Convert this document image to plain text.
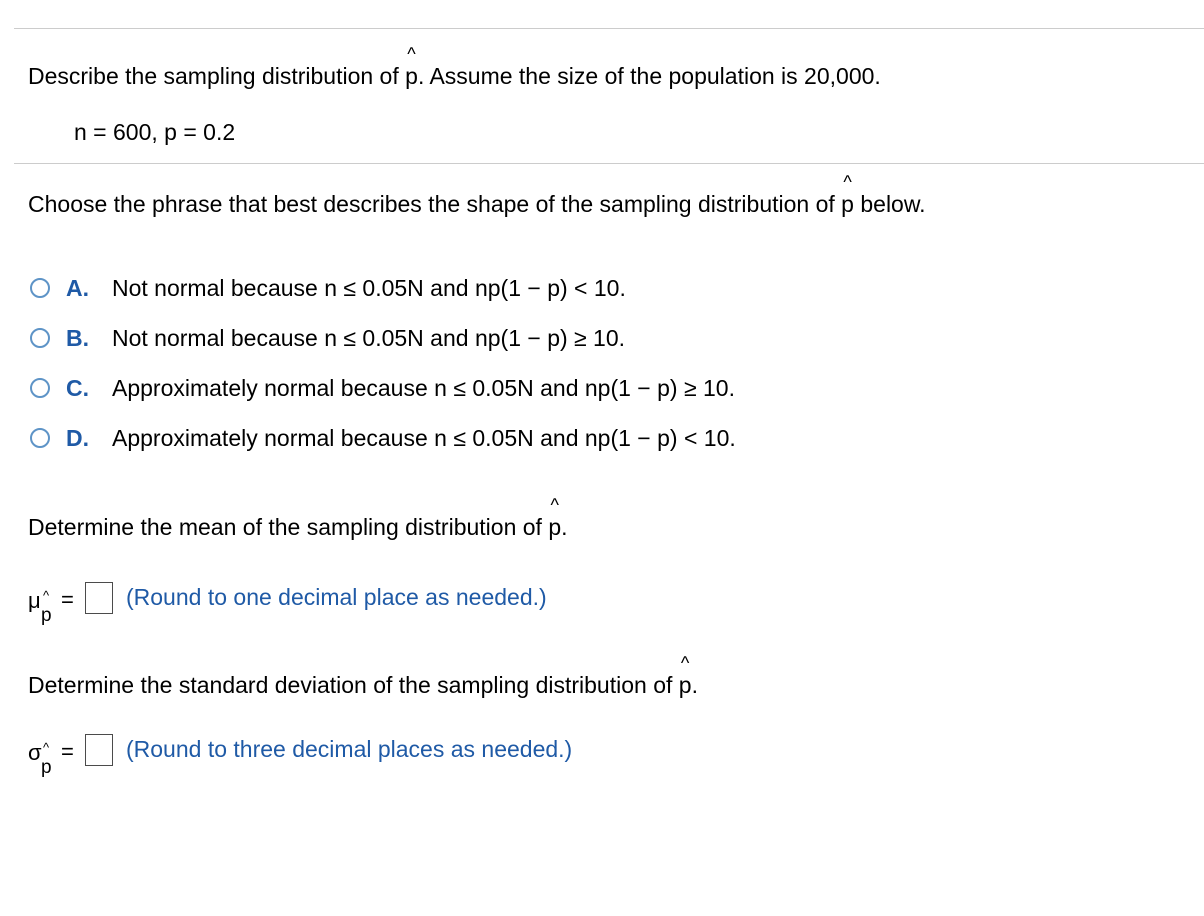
Describe the sampling distribution of ^ p. Assume the size of the population is 20,000.
n = 600, p = 0.2
Choose the phrase that best describes the shape of the sampling distribution of ^ p below.
A.	Not normal because n ≤ 0.05N and np(1 − p) < 10.
B.	Not normal because n ≤ 0.05N and np(1 − p) ≥ 10.
C.	Approximately normal because n ≤ 0.05N and np(1 − p) ≥ 10.
D.	Approximately normal because n ≤ 0.05N and np(1 − p) < 10.
Determine the mean of the sampling distribution of ^ p.
μ ^
p
= (Round to one decimal place as needed.)
Determine the standard deviation of the sampling distribution of ^ p.
σ ^
p
= (Round to three decimal places as needed.)
